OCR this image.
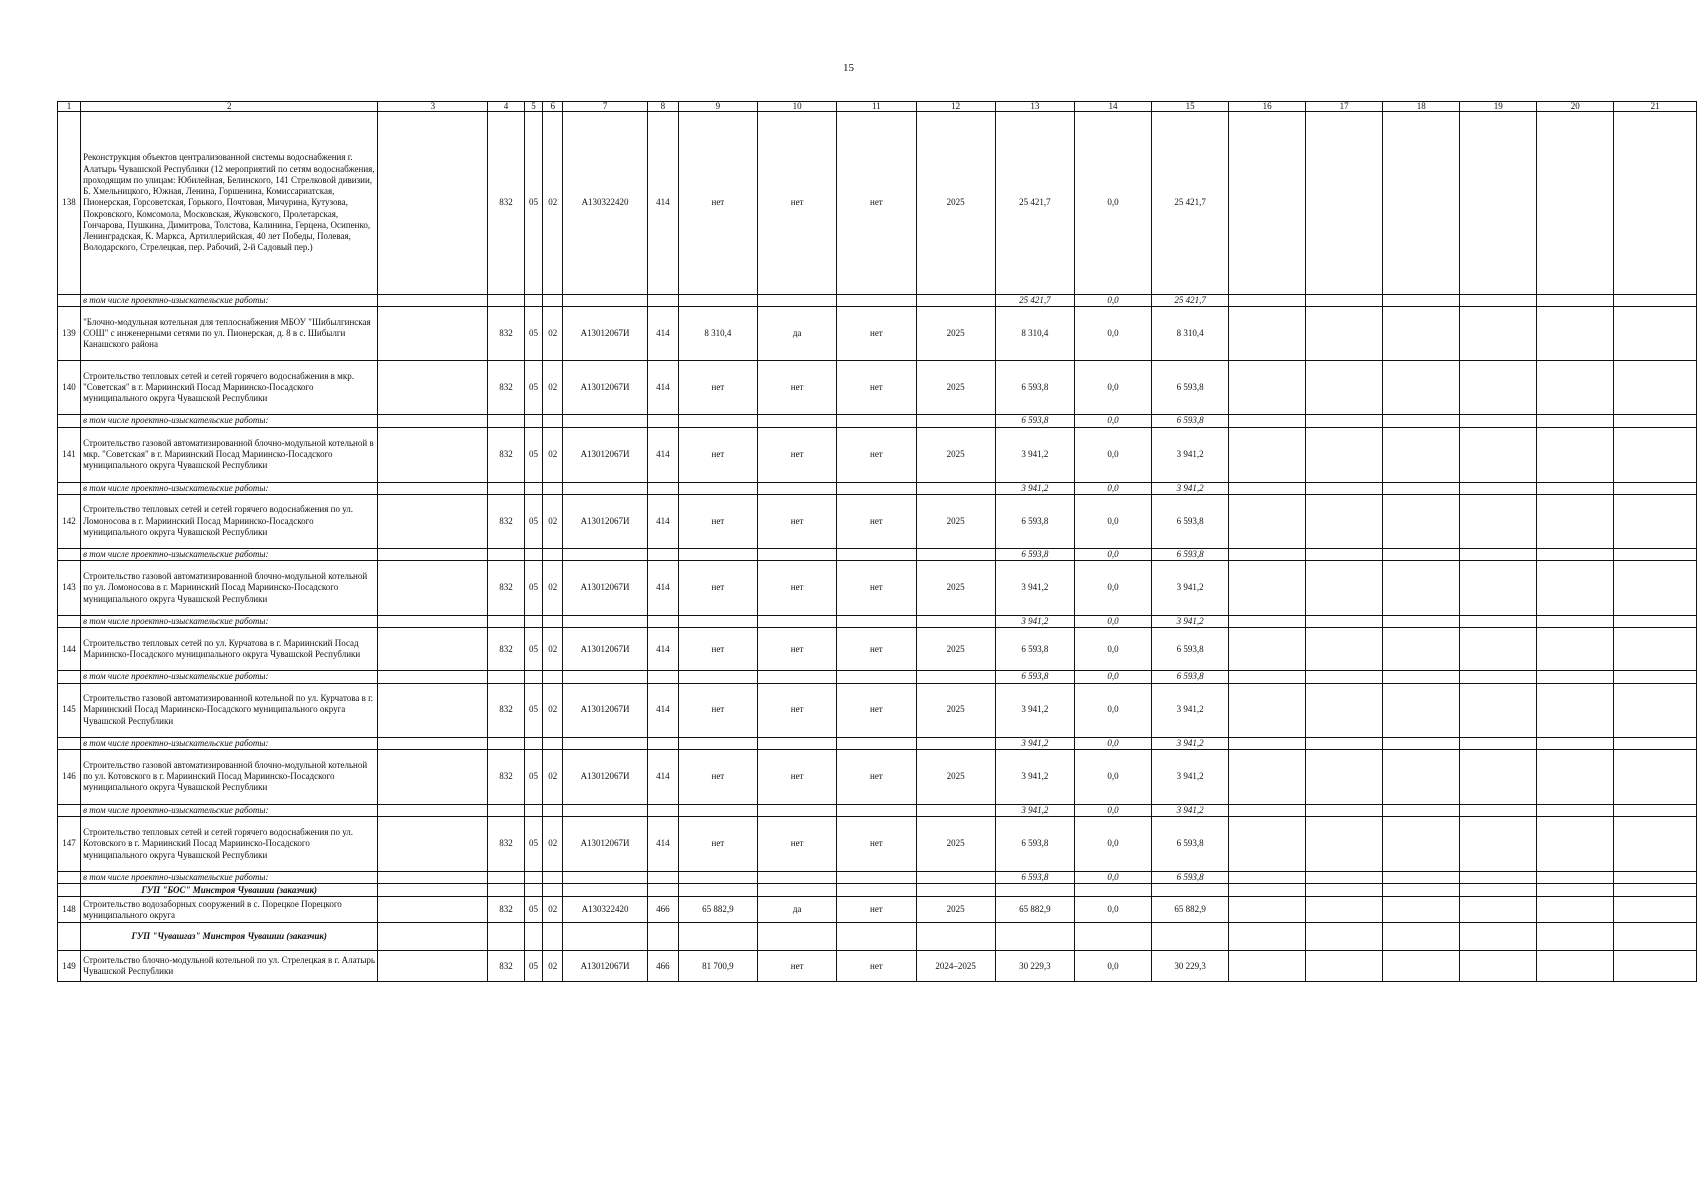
15
1	2	3	4	5	6	7	8	9	10	11	12	13	14	15	16	17	18	19	20	21
138	Реконструкция объектов централизованной системы водоснабжения г. Алатырь Чувашской Республики (12 мероприятий по сетям водоснабжения, проходящим по улицам: Юбилейная, Белинского, 141 Стрелковой дивизии, Б. Хмельницкого, Южная, Ленина, Горшенина, Комиссариатская, Пионерская, Горсоветская, Горького, Почтовая, Мичурина, Кутузова, Покровского, Комсомола, Московская, Жуковского, Пролетарская, Гончарова, Пушкина, Димитрова, Толстова, Калинина, Герцена, Осипенко, Ленинградская, К. Маркса, Артиллерийская, 40 лет Победы, Полевая, Володарского, Стрелецкая, пер. Рабочий, 2-й Садовый пер.)		832	05	02	А130322420	414	нет	нет	нет	2025	25 421,7	0,0	25 421,7						
	в том числе проектно-изыскательские работы:											25 421,7	0,0	25 421,7						
139	"Блочно-модульная котельная для теплоснабжения МБОУ "Шибылгинская СОШ" с инженерными сетями по ул. Пионерская, д. 8 в с. Шибылги Канашского района		832	05	02	А13012067И	414	8 310,4	да	нет	2025	8 310,4	0,0	8 310,4						
140	Строительство тепловых сетей и сетей горячего водоснабжения в мкр. "Советская" в г. Мариинский Посад Мариинско-Посадского муниципального округа Чувашской Республики		832	05	02	А13012067И	414	нет	нет	нет	2025	6 593,8	0,0	6 593,8						
	в том числе проектно-изыскательские работы:											6 593,8	0,0	6 593,8						
141	Строительство газовой автоматизированной блочно-модульной котельной в мкр. "Советская" в г. Мариинский Посад Мариинско-Посадского муниципального округа Чувашской Республики		832	05	02	А13012067И	414	нет	нет	нет	2025	3 941,2	0,0	3 941,2						
	в том числе проектно-изыскательские работы:											3 941,2	0,0	3 941,2						
142	Строительство тепловых сетей и сетей горячего водоснабжения по ул. Ломоносова в г. Мариинский Посад Мариинско-Посадского муниципального округа Чувашской Республики		832	05	02	А13012067И	414	нет	нет	нет	2025	6 593,8	0,0	6 593,8						
	в том числе проектно-изыскательские работы:											6 593,8	0,0	6 593,8						
143	Строительство газовой автоматизированной блочно-модульной котельной по ул. Ломоносова в г. Мариинский Посад Мариинско-Посадского муниципального округа Чувашской Республики		832	05	02	А13012067И	414	нет	нет	нет	2025	3 941,2	0,0	3 941,2						
	в том числе проектно-изыскательские работы:											3 941,2	0,0	3 941,2						
144	Строительство тепловых сетей по ул. Курчатова в г. Мариинский Посад Мариинско-Посадского муниципального округа Чувашской Республики		832	05	02	А13012067И	414	нет	нет	нет	2025	6 593,8	0,0	6 593,8						
	в том числе проектно-изыскательские работы:											6 593,8	0,0	6 593,8						
145	Строительство газовой автоматизированной котельной по ул. Курчатова в г. Мариинский Посад Мариинско-Посадского муниципального округа Чувашской Республики		832	05	02	А13012067И	414	нет	нет	нет	2025	3 941,2	0,0	3 941,2						
	в том числе проектно-изыскательские работы:											3 941,2	0,0	3 941,2						
146	Строительство газовой автоматизированной блочно-модульной котельной по ул. Котовского в г. Мариинский Посад Мариинско-Посадского муниципального округа Чувашской Республики		832	05	02	А13012067И	414	нет	нет	нет	2025	3 941,2	0,0	3 941,2						
	в том числе проектно-изыскательские работы:											3 941,2	0,0	3 941,2						
147	Строительство тепловых сетей и сетей горячего водоснабжения по ул. Котовского в г. Мариинский Посад Мариинско-Посадского муниципального округа Чувашской Республики		832	05	02	А13012067И	414	нет	нет	нет	2025	6 593,8	0,0	6 593,8						
	в том числе проектно-изыскательские работы:											6 593,8	0,0	6 593,8						
	ГУП "БОС" Минстроя Чувашии (заказчик)																			
148	Строительство водозаборных сооружений в с. Порецкое Порецкого муниципального округа		832	05	02	А130322420	466	65 882,9	да	нет	2025	65 882,9	0,0	65 882,9						
	ГУП "Чувашгаз" Минстроя Чувашии (заказчик)																			
149	Строительство блочно-модульной котельной по ул. Стрелецкая в г. Алатырь Чувашской Республики		832	05	02	А13012067И	466	81 700,9	нет	нет	2024–2025	30 229,3	0,0	30 229,3						
